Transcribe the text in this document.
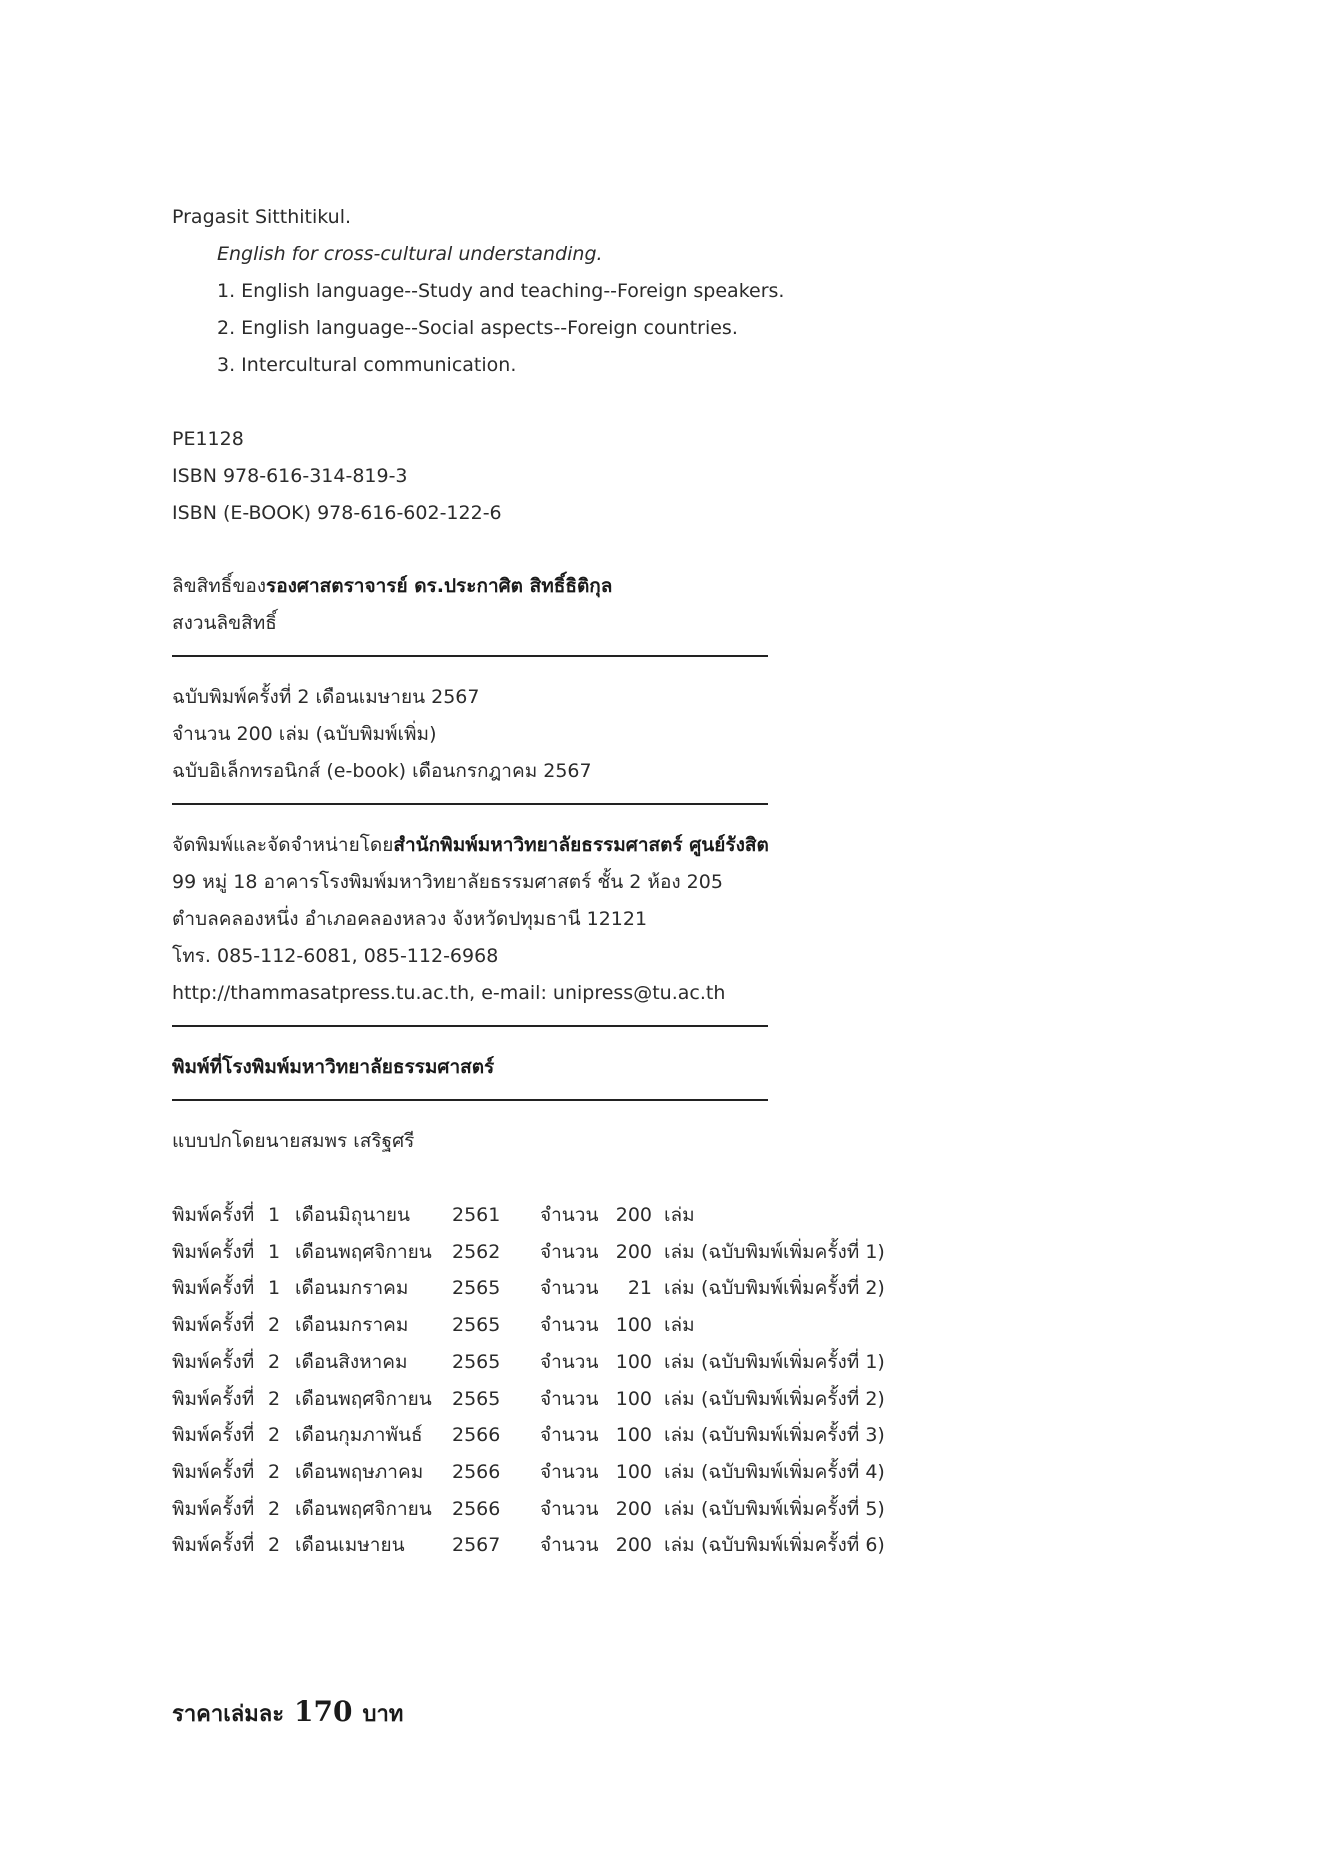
Pragasit Sitthitikul.
English for cross-cultural understanding.
1. English language--Study and teaching--Foreign speakers.
2. English language--Social aspects--Foreign countries.
3. Intercultural communication.
PE1128
ISBN 978-616-314-819-3
ISBN (E-BOOK) 978-616-602-122-6
ลิขสิทธิ์ของรองศาสตราจารย์ ดร.ประกาศิต สิทธิ์ธิติกุล
สงวนลิขสิทธิ์
ฉบับพิมพ์ครั้งที่ 2 เดือนเมษายน 2567
จำนวน 200 เล่ม (ฉบับพิมพ์เพิ่ม)
ฉบับอิเล็กทรอนิกส์ (e-book) เดือนกรกฎาคม 2567
จัดพิมพ์และจัดจำหน่ายโดยสำนักพิมพ์มหาวิทยาลัยธรรมศาสตร์ ศูนย์รังสิต
99 หมู่ 18 อาคารโรงพิมพ์มหาวิทยาลัยธรรมศาสตร์ ชั้น 2 ห้อง 205
ตำบลคลองหนึ่ง อำเภอคลองหลวง จังหวัดปทุมธานี 12121
โทร. 085-112-6081, 085-112-6968
http://thammasatpress.tu.ac.th, e-mail: unipress@tu.ac.th
พิมพ์ที่โรงพิมพ์มหาวิทยาลัยธรรมศาสตร์
แบบปกโดยนายสมพร เสริฐศรี
พิมพ์ครั้งที่ 1 เดือนมิถุนายน 2561 จำนวน 200 เล่ม
พิมพ์ครั้งที่ 1 เดือนพฤศจิกายน 2562 จำนวน 200 เล่ม (ฉบับพิมพ์เพิ่มครั้งที่ 1)
พิมพ์ครั้งที่ 1 เดือนมกราคม 2565 จำนวน	21 เล่ม (ฉบับพิมพ์เพิ่มครั้งที่ 2)
พิมพ์ครั้งที่ 2 เดือนมกราคม 2565 จำนวน 100 เล่ม
พิมพ์ครั้งที่ 2 เดือนสิงหาคม 2565 จำนวน 100 เล่ม (ฉบับพิมพ์เพิ่มครั้งที่ 1)
พิมพ์ครั้งที่ 2 เดือนพฤศจิกายน 2565 จำนวน 100 เล่ม (ฉบับพิมพ์เพิ่มครั้งที่ 2)
พิมพ์ครั้งที่ 2 เดือนกุมภาพันธ์ 2566 จำนวน 100 เล่ม (ฉบับพิมพ์เพิ่มครั้งที่ 3)
พิมพ์ครั้งที่ 2 เดือนพฤษภาคม 2566 จำนวน 100 เล่ม (ฉบับพิมพ์เพิ่มครั้งที่ 4)
พิมพ์ครั้งที่ 2 เดือนพฤศจิกายน 2566 จำนวน 200 เล่ม (ฉบับพิมพ์เพิ่มครั้งที่ 5)
พิมพ์ครั้งที่ 2 เดือนเมษายน 2567 จำนวน 200 เล่ม (ฉบับพิมพ์เพิ่มครั้งที่ 6)
ราคาเล่มละ 170 บาท
